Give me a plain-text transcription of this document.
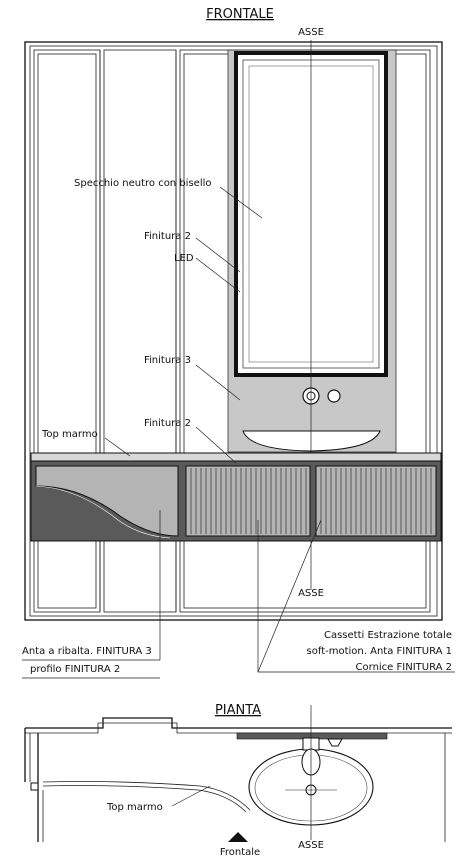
FRONTALE
ASSE
Specchio neutro con bisello
Finitura 2
LED
Finitura 3
Finitura 2
Top marmo
ASSE
Anta a ribalta. FINITURA 3
profilo FINITURA 2
Cassetti Estrazione totale
soft-motion. Anta FINITURA 1
Cornice FINITURA 2
PIANTA
Top marmo
ASSE
Frontale
